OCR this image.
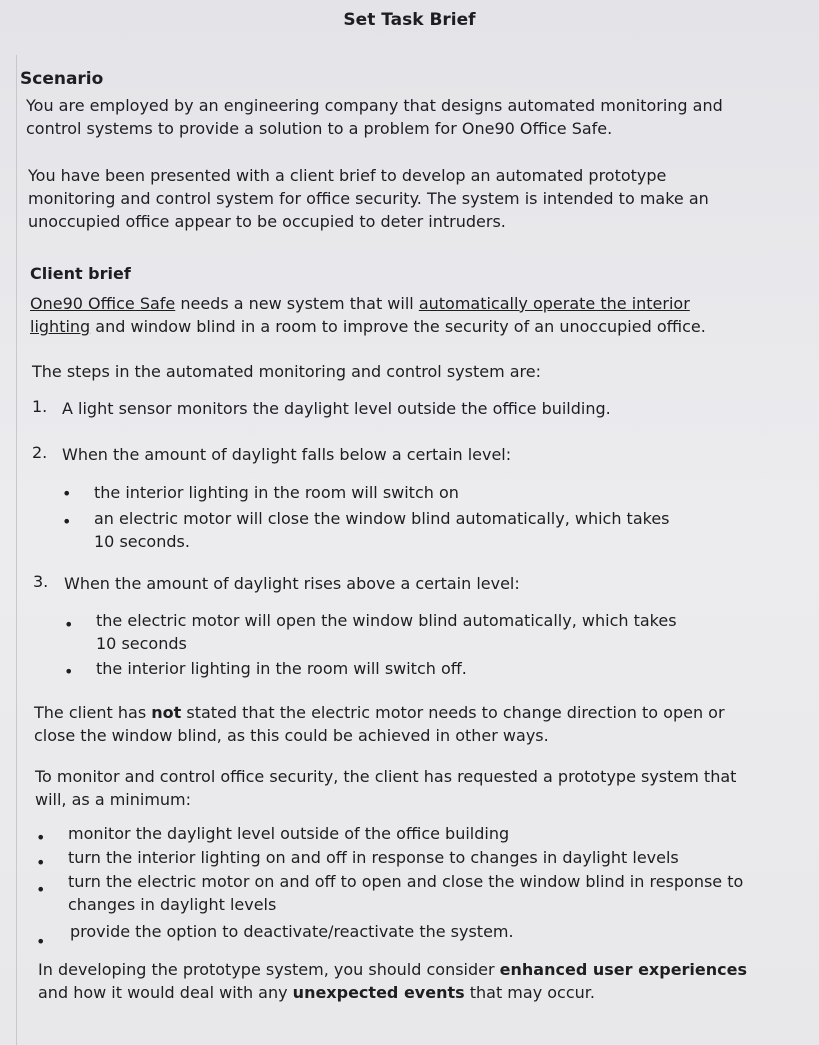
Set Task Brief
Scenario

You are employed by an engineering company that designs automated monitoring and

control systems to provide a solution to a problem for One90 Office Safe.

You have been presented with a client brief to develop an automated prototype

monitoring and control system for office security. The system is intended to make an

unoccupied office appear to be occupied to deter intruders.

Client brief

One90 Office Safe needs a new system that will automatically operate the interior

lighting and window blind in a room to improve the security of an unoccupied office.

The steps in the automated monitoring and control system are:
1. A light sensor monitors the daylight level outside the office building.
2. When the amount of daylight falls below a certain level:
• the interior lighting in the room will switch on
• an electric motor will close the window blind automatically, which takes

10 seconds.

3. When the amount of daylight rises above a certain level:
• the electric motor will open the window blind automatically, which takes

10 seconds

• the interior lighting in the room will switch off.

The client has not stated that the electric motor needs to change direction to open or

close the window blind, as this could be achieved in other ways.

To monitor and control office security, the client has requested a prototype system that

will, as a minimum:

• monitor the daylight level outside of the office building
• turn the interior lighting on and off in response to changes in daylight levels
• turn the electric motor on and off to open and close the window blind in response to

changes in daylight levels

•
provide the option to deactivate/reactivate the system.

In developing the prototype system, you should consider enhanced user experiences

and how it would deal with any unexpected events that may occur.
